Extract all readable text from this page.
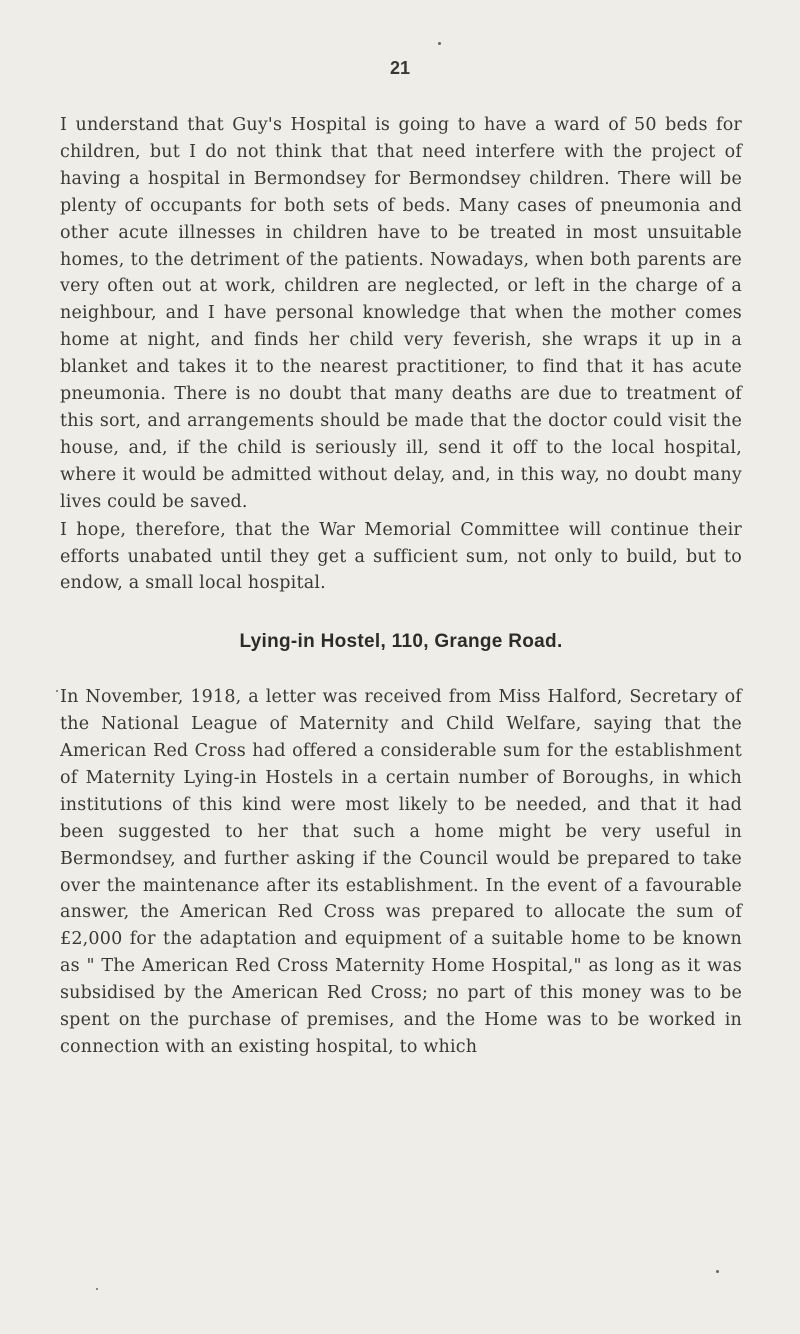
21

I understand that Guy's Hospital is going to have a ward of 50 beds for children, but I do not think that that need interfere with the project of having a hospital in Bermondsey for Bermondsey children. There will be plenty of occupants for both sets of beds. Many cases of pneumonia and other acute illnesses in children have to be treated in most unsuitable homes, to the detriment of the patients. Nowadays, when both parents are very often out at work, children are neglected, or left in the charge of a neighbour, and I have personal knowledge that when the mother comes home at night, and finds her child very feverish, she wraps it up in a blanket and takes it to the nearest practitioner, to find that it has acute pneumonia. There is no doubt that many deaths are due to treatment of this sort, and arrangements should be made that the doctor could visit the house, and, if the child is seriously ill, send it off to the local hospital, where it would be admitted without delay, and, in this way, no doubt many lives could be saved.

I hope, therefore, that the War Memorial Committee will continue their efforts unabated until they get a sufficient sum, not only to build, but to endow, a small local hospital.

Lying-in Hostel, 110, Grange Road.

In November, 1918, a letter was received from Miss Halford, Secretary of the National League of Maternity and Child Welfare, saying that the American Red Cross had offered a considerable sum for the establishment of Maternity Lying-in Hostels in a certain number of Boroughs, in which institutions of this kind were most likely to be needed, and that it had been suggested to her that such a home might be very useful in Bermondsey, and further asking if the Council would be prepared to take over the maintenance after its establishment. In the event of a favourable answer, the American Red Cross was prepared to allocate the sum of £2,000 for the adaptation and equipment of a suitable home to be known as " The American Red Cross Maternity Home Hospital," as long as it was subsidised by the American Red Cross; no part of this money was to be spent on the purchase of premises, and the Home was to be worked in connection with an existing hospital, to which
